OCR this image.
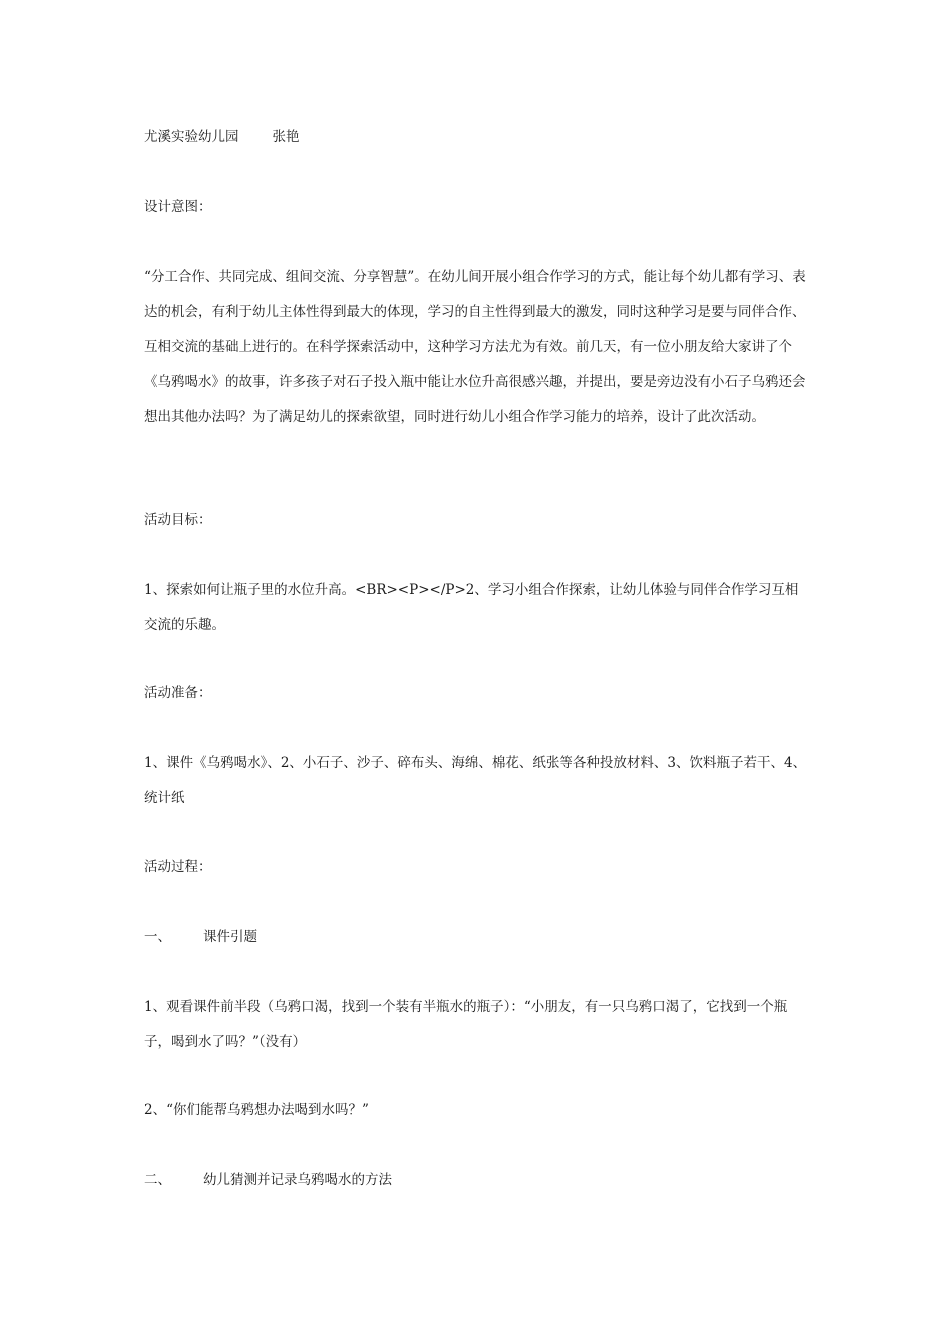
尤溪实验幼儿园	张艳

设计意图：

“分工合作、共同完成、组间交流、分享智慧”。在幼儿间开展小组合作学习的方式，能让每个幼儿都有学习、表达的机会，有利于幼儿主体性得到最大的体现，学习的自主性得到最大的激发，同时这种学习是要与同伴合作、互相交流的基础上进行的。在科学探索活动中，这种学习方法尤为有效。前几天，有一位小朋友给大家讲了个《乌鸦喝水》的故事，许多孩子对石子投入瓶中能让水位升高很感兴趣，并提出，要是旁边没有小石子乌鸦还会想出其他办法吗？为了满足幼儿的探索欲望，同时进行幼儿小组合作学习能力的培养，设计了此次活动。

活动目标：

1、探索如何让瓶子里的水位升高。<BR><P></P>2、学习小组合作探索，让幼儿体验与同伴合作学习互相交流的乐趣。

活动准备：

1、课件《乌鸦喝水》、2、小石子、沙子、碎布头、海绵、棉花、纸张等各种投放材料、3、饮料瓶子若干、4、统计纸

活动过程：

一、 课件引题

1、观看课件前半段（乌鸦口渴，找到一个装有半瓶水的瓶子）：“小朋友，有一只乌鸦口渴了，它找到一个瓶子，喝到水了吗？”（没有）

2、“你们能帮乌鸦想办法喝到水吗？”

二、 幼儿猜测并记录乌鸦喝水的方法
